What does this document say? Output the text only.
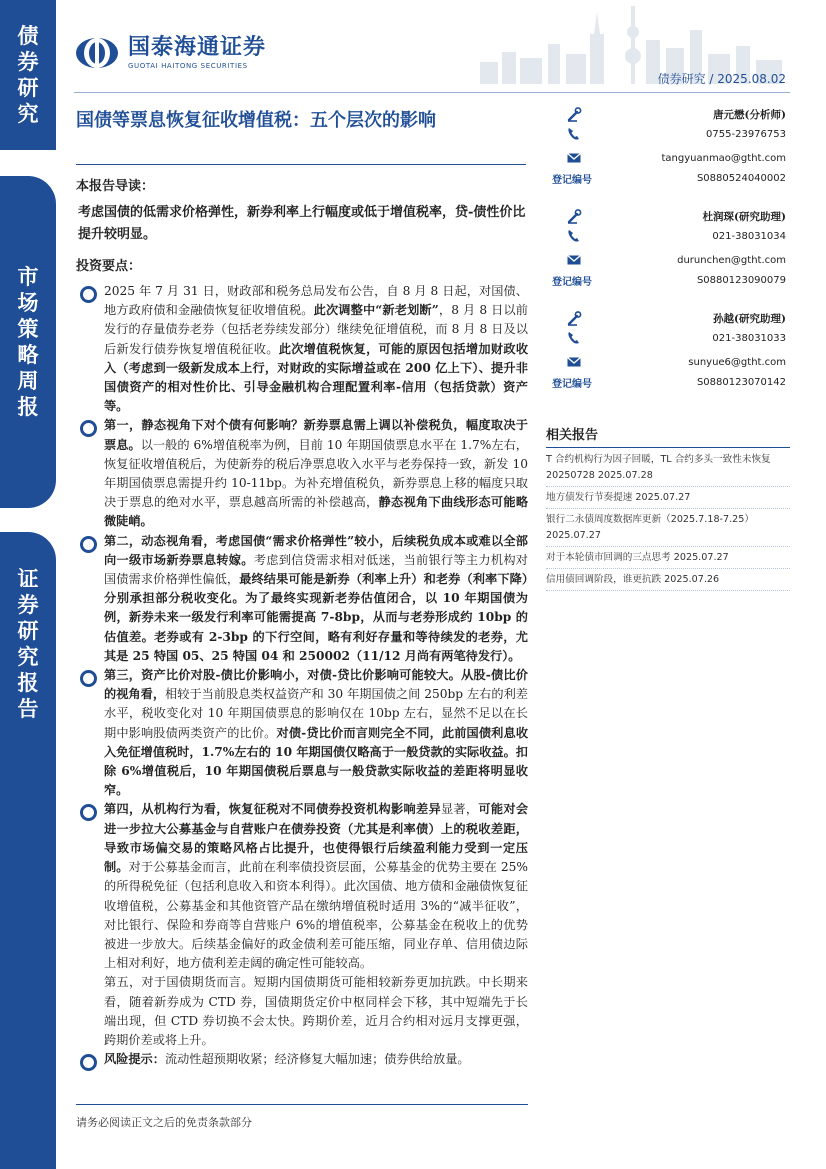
债
券
研
究
市
场
策
略
周
报
证
券
研
究
报
告
国泰海通证券
GUOTAI HAITONG SECURITIES
债券研究 / 2025.08.02
国债等票息恢复征收增值税：五个层次的影响
本报告导读：
考虑国债的低需求价格弹性，新券利率上行幅度或低于增值税率，贷-债性价比提升较明显。
投资要点：
2025 年 7 月 31 日，财政部和税务总局发布公告，自 8 月 8 日起，对国债、地方政府债和金融债恢复征收增值税。此次调整中“新老划断”，8 月 8 日以前发行的存量债券老券（包括老券续发部分）继续免征增值税，而 8 月 8 日及以后新发行债券恢复增值税征收。此次增值税恢复，可能的原因包括增加财政收入（考虑到一级新发成本上行，对财政的实际增益或在 200 亿上下）、提升非国债资产的相对性价比、引导金融机构合理配置利率-信用（包括贷款）资产等。
第一，静态视角下对个债有何影响？新券票息需上调以补偿税负，幅度取决于票息。以一般的 6%增值税率为例，目前 10 年期国债票息水平在 1.7%左右，恢复征收增值税后，为使新券的税后净票息收入水平与老券保持一致，新发 10 年期国债票息需提升约 10-11bp。为补充增值税负，新券票息上移的幅度只取决于票息的绝对水平，票息越高所需的补偿越高，静态视角下曲线形态可能略微陡峭。
第二，动态视角看，考虑国债“需求价格弹性”较小，后续税负成本或难以全部向一级市场新券票息转嫁。考虑到信贷需求相对低迷，当前银行等主力机构对国债需求价格弹性偏低，最终结果可能是新券（利率上升）和老券（利率下降）分别承担部分税收变化。为了最终实现新老券估值闭合，以 10 年期国债为例，新券未来一级发行利率可能需提高 7-8bp，从而与老券形成约 10bp 的估值差。老券或有 2-3bp 的下行空间，略有利好存量和等待续发的老券，尤其是 25 特国 05、25 特国 04 和 250002（11/12 月尚有两笔待发行）。
第三，资产比价对股-债比价影响小，对债-贷比价影响可能较大。从股-债比价的视角看，相较于当前股息类权益资产和 30 年期国债之间 250bp 左右的利差水平，税收变化对 10 年期国债票息的影响仅在 10bp 左右，显然不足以在长期中影响股债两类资产的比价。对债-贷比价而言则完全不同，此前国债利息收入免征增值税时，1.7%左右的 10 年期国债仅略高于一般贷款的实际收益。扣除 6%增值税后，10 年期国债税后票息与一般贷款实际收益的差距将明显收窄。
第四，从机构行为看，恢复征税对不同债券投资机构影响差异显著，可能对会进一步拉大公募基金与自营账户在债券投资（尤其是利率债）上的税收差距，导致市场偏交易的策略风格占比提升，也使得银行后续盈利能力受到一定压制。对于公募基金而言，此前在利率债投资层面，公募基金的优势主要在 25%的所得税免征（包括利息收入和资本利得）。此次国债、地方债和金融债恢复征收增值税，公募基金和其他资管产品在缴纳增值税时适用 3%的“减半征收”，对比银行、保险和券商等自营账户 6%的增值税率，公募基金在税收上的优势被进一步放大。后续基金偏好的政金债利差可能压缩，同业存单、信用债边际上相对利好，地方债利差走阔的确定性可能较高。
第五，对于国债期货而言。短期内国债期货可能相较新券更加抗跌。中长期来看，随着新券成为 CTD 券，国债期货定价中枢同样会下移，其中短端先于长端出现，但 CTD 券切换不会太快。跨期价差，近月合约相对远月支撑更强，跨期价差或将上升。
风险提示：流动性超预期收紧；经济修复大幅加速；债券供给放量。
唐元懋(分析师)
0755-23976753
tangyuanmao@gtht.com
登记编号	S0880524040002
杜润琛(研究助理)
021-38031034
durunchen@gtht.com
登记编号	S0880123090079
孙越(研究助理)
021-38031033
sunyue6@gtht.com
登记编号	S0880123070142
相关报告
T 合约机构行为因子回暖，TL 合约多头一致性未恢复 20250728 2025.07.28
地方债发行节奏提速 2025.07.27
银行二永债周度数据库更新（2025.7.18-7.25） 2025.07.27
对于本轮债市回调的三点思考 2025.07.27
信用债回调阶段，谁更抗跌 2025.07.26
请务必阅读正文之后的免责条款部分
